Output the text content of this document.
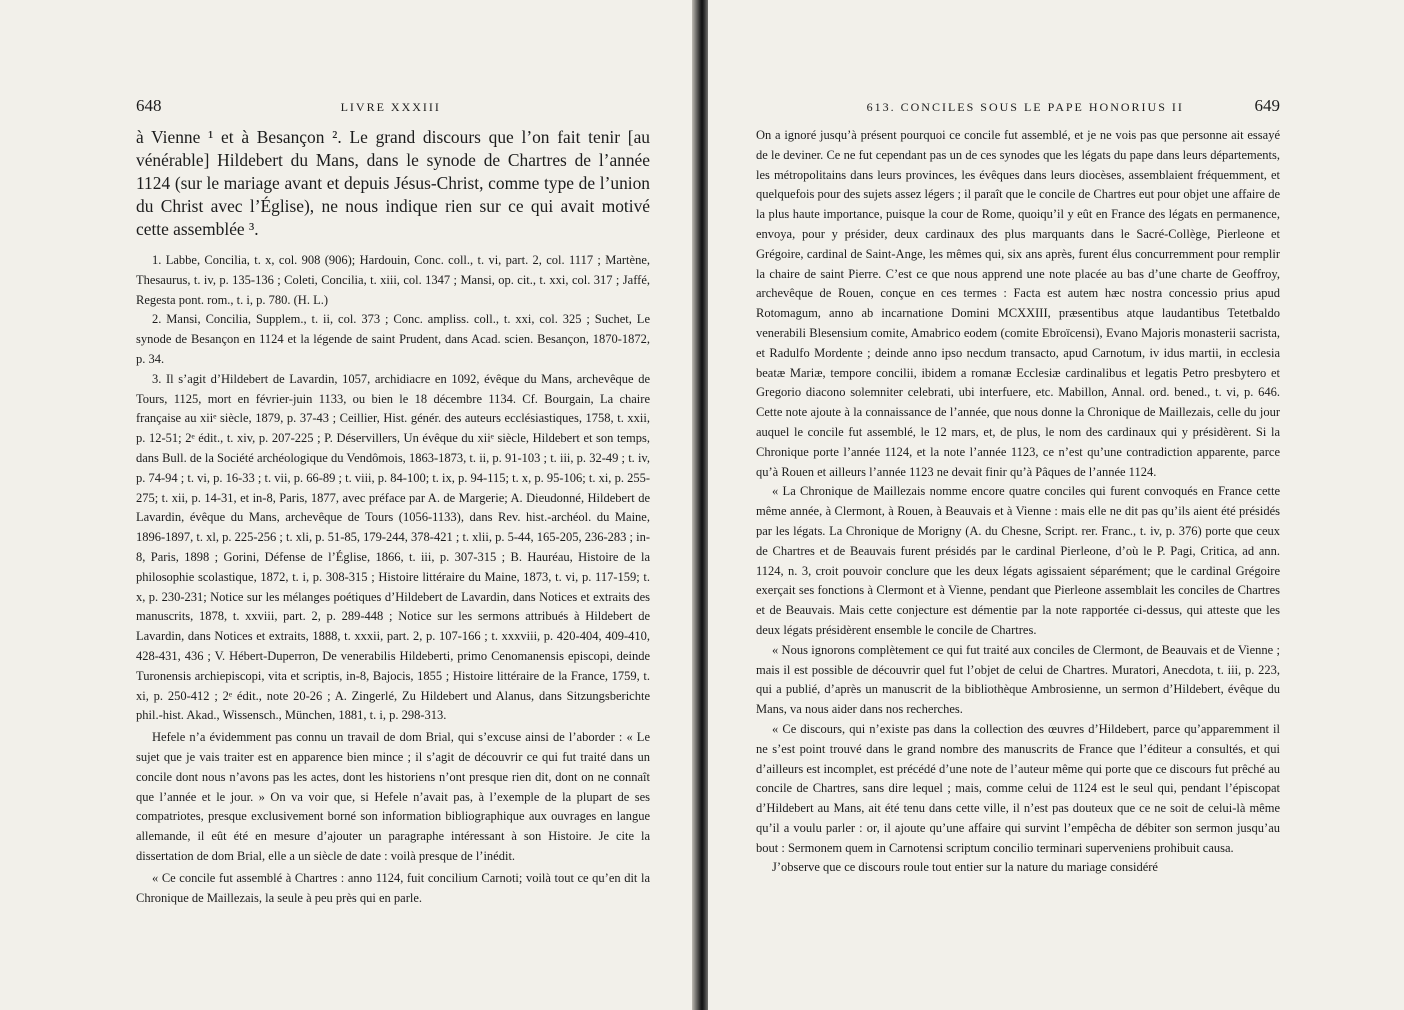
648	LIVRE XXXIII

à Vienne ¹ et à Besançon ². Le grand discours que l’on fait tenir [au vénérable] Hildebert du Mans, dans le synode de Chartres de l’année 1124 (sur le mariage avant et depuis Jésus-Christ, comme type de l’union du Christ avec l’Église), ne nous indique rien sur ce qui avait motivé cette assemblée ³.

1. Labbe, Concilia, t. x, col. 908 (906); Hardouin, Conc. coll., t. vi, part. 2, col. 1117 ; Martène, Thesaurus, t. iv, p. 135-136 ; Coleti, Concilia, t. xiii, col. 1347 ; Mansi, op. cit., t. xxi, col. 317 ; Jaffé, Regesta pont. rom., t. i, p. 780. (H. L.)

2. Mansi, Concilia, Supplem., t. ii, col. 373 ; Conc. ampliss. coll., t. xxi, col. 325 ; Suchet, Le synode de Besançon en 1124 et la légende de saint Prudent, dans Acad. scien. Besançon, 1870-1872, p. 34.

3. Il s’agit d’Hildebert de Lavardin, 1057, archidiacre en 1092, évêque du Mans, archevêque de Tours, 1125, mort en février-juin 1133, ou bien le 18 décembre 1134. Cf. Bourgain, La chaire française au xiiᵉ siècle, 1879, p. 37-43 ; Ceillier, Hist. génér. des auteurs ecclésiastiques, 1758, t. xxii, p. 12-51; 2ᵉ édit., t. xiv, p. 207-225 ; P. Déservillers, Un évêque du xiiᵉ siècle, Hildebert et son temps, dans Bull. de la Société archéologique du Vendômois, 1863-1873, t. ii, p. 91-103 ; t. iii, p. 32-49 ; t. iv, p. 74-94 ; t. vi, p. 16-33 ; t. vii, p. 66-89 ; t. viii, p. 84-100; t. ix, p. 94-115; t. x, p. 95-106; t. xi, p. 255-275; t. xii, p. 14-31, et in-8, Paris, 1877, avec préface par A. de Margerie; A. Dieudonné, Hildebert de Lavardin, évêque du Mans, archevêque de Tours (1056-1133), dans Rev. hist.-archéol. du Maine, 1896-1897, t. xl, p. 225-256 ; t. xli, p. 51-85, 179-244, 378-421 ; t. xlii, p. 5-44, 165-205, 236-283 ; in-8, Paris, 1898 ; Gorini, Défense de l’Église, 1866, t. iii, p. 307-315 ; B. Hauréau, Histoire de la philosophie scolastique, 1872, t. i, p. 308-315 ; Histoire littéraire du Maine, 1873, t. vi, p. 117-159; t. x, p. 230-231; Notice sur les mélanges poétiques d’Hildebert de Lavardin, dans Notices et extraits des manuscrits, 1878, t. xxviii, part. 2, p. 289-448 ; Notice sur les sermons attribués à Hildebert de Lavardin, dans Notices et extraits, 1888, t. xxxii, part. 2, p. 107-166 ; t. xxxviii, p. 420-404, 409-410, 428-431, 436 ; V. Hébert-Duperron, De venerabilis Hildeberti, primo Cenomanensis episcopi, deinde Turonensis archiepiscopi, vita et scriptis, in-8, Bajocis, 1855 ; Histoire littéraire de la France, 1759, t. xi, p. 250-412 ; 2ᵉ édit., note 20-26 ; A. Zingerlé, Zu Hildebert und Alanus, dans Sitzungsberichte phil.-hist. Akad., Wissensch., München, 1881, t. i, p. 298-313.

Hefele n’a évidemment pas connu un travail de dom Brial, qui s’excuse ainsi de l’aborder : « Le sujet que je vais traiter est en apparence bien mince ; il s’agit de découvrir ce qui fut traité dans un concile dont nous n’avons pas les actes, dont les historiens n’ont presque rien dit, dont on ne connaît que l’année et le jour. » On va voir que, si Hefele n’avait pas, à l’exemple de la plupart de ses compatriotes, presque exclusivement borné son information bibliographique aux ouvrages en langue allemande, il eût été en mesure d’ajouter un paragraphe intéressant à son Histoire. Je cite la dissertation de dom Brial, elle a un siècle de date : voilà presque de l’inédit.

« Ce concile fut assemblé à Chartres : anno 1124, fuit concilium Carnoti; voilà tout ce qu’en dit la Chronique de Maillezais, la seule à peu près qui en parle.

613. CONCILES SOUS LE PAPE HONORIUS II	649

On a ignoré jusqu’à présent pourquoi ce concile fut assemblé, et je ne vois pas que personne ait essayé de le deviner. Ce ne fut cependant pas un de ces synodes que les légats du pape dans leurs départements, les métropolitains dans leurs provinces, les évêques dans leurs diocèses, assemblaient fréquemment, et quelquefois pour des sujets assez légers ; il paraît que le concile de Chartres eut pour objet une affaire de la plus haute importance, puisque la cour de Rome, quoiqu’il y eût en France des légats en permanence, envoya, pour y présider, deux cardinaux des plus marquants dans le Sacré-Collège, Pierleone et Grégoire, cardinal de Saint-Ange, les mêmes qui, six ans après, furent élus concurremment pour remplir la chaire de saint Pierre. C’est ce que nous apprend une note placée au bas d’une charte de Geoffroy, archevêque de Rouen, conçue en ces termes : Facta est autem hæc nostra concessio prius apud Rotomagum, anno ab incarnatione Domini MCXXIII, præsentibus atque laudantibus Tetetbaldo venerabili Blesensium comite, Amabrico eodem (comite Ebroïcensi), Evano Majoris monasterii sacrista, et Radulfo Mordente ; deinde anno ipso necdum transacto, apud Carnotum, iv idus martii, in ecclesia beatæ Mariæ, tempore concilii, ibidem a romanæ Ecclesiæ cardinalibus et legatis Petro presbytero et Gregorio diacono solemniter celebrati, ubi interfuere, etc. Mabillon, Annal. ord. bened., t. vi, p. 646. Cette note ajoute à la connaissance de l’année, que nous donne la Chronique de Maillezais, celle du jour auquel le concile fut assemblé, le 12 mars, et, de plus, le nom des cardinaux qui y présidèrent. Si la Chronique porte l’année 1124, et la note l’année 1123, ce n’est qu’une contradiction apparente, parce qu’à Rouen et ailleurs l’année 1123 ne devait finir qu’à Pâques de l’année 1124.

« La Chronique de Maillezais nomme encore quatre conciles qui furent convoqués en France cette même année, à Clermont, à Rouen, à Beauvais et à Vienne : mais elle ne dit pas qu’ils aient été présidés par les légats. La Chronique de Morigny (A. du Chesne, Script. rer. Franc., t. iv, p. 376) porte que ceux de Chartres et de Beauvais furent présidés par le cardinal Pierleone, d’où le P. Pagi, Critica, ad ann. 1124, n. 3, croit pouvoir conclure que les deux légats agissaient séparément; que le cardinal Grégoire exerçait ses fonctions à Clermont et à Vienne, pendant que Pierleone assemblait les conciles de Chartres et de Beauvais. Mais cette conjecture est démentie par la note rapportée ci-dessus, qui atteste que les deux légats présidèrent ensemble le concile de Chartres.

« Nous ignorons complètement ce qui fut traité aux conciles de Clermont, de Beauvais et de Vienne ; mais il est possible de découvrir quel fut l’objet de celui de Chartres. Muratori, Anecdota, t. iii, p. 223, qui a publié, d’après un manuscrit de la bibliothèque Ambrosienne, un sermon d’Hildebert, évêque du Mans, va nous aider dans nos recherches.

« Ce discours, qui n’existe pas dans la collection des œuvres d’Hildebert, parce qu’apparemment il ne s’est point trouvé dans le grand nombre des manuscrits de France que l’éditeur a consultés, et qui d’ailleurs est incomplet, est précédé d’une note de l’auteur même qui porte que ce discours fut prêché au concile de Chartres, sans dire lequel ; mais, comme celui de 1124 est le seul qui, pendant l’épiscopat d’Hildebert au Mans, ait été tenu dans cette ville, il n’est pas douteux que ce ne soit de celui-là même qu’il a voulu parler : or, il ajoute qu’une affaire qui survint l’empêcha de débiter son sermon jusqu’au bout : Sermonem quem in Carnotensi scriptum concilio terminari superveniens prohibuit causa.

J’observe que ce discours roule tout entier sur la nature du mariage considéré
